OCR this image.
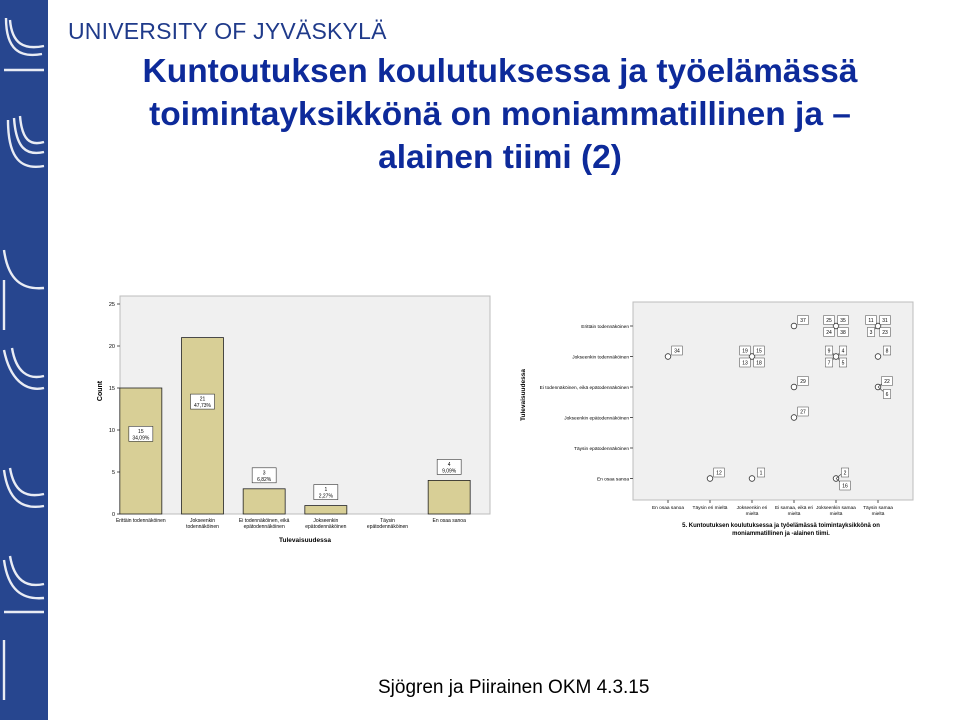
UNIVERSITY OF JYVÄSKYLÄ
Kuntoutuksen koulutuksessa ja työelämässä
toimintayksikkönä on moniammatillinen ja –
alainen tiimi (2)
0
5
10
15
20
25
Count
15
34,09%
Erittäin todennäköinen
21
47,73%
Jokseenkin
todennäköinen
3
6,82%
Ei todennäköinen, eikä
epätodennäköinen
1
2,27%
Jokseenkin
epätodennäköinen
Täysin
epätodennäköinen
4
9,09%
En osaa sanoa
Tulevaisuudessa
Erittäin todennäköinen
Jokseenkin todennäköinen
Ei todennäköinen, eikä epätodennäköinen
Jokseenkin epätodennäköinen
Täysin epätodennäköinen
En osaa sanoa
Tulevaisuudessa
En osaa sanoa Täysin eri mieltä Jokseenkin eri
mieltä
Ei samaa, eikä eri
mieltä
Jokseenkin samaa
mieltä
Täysin samaa
mieltä
5. Kuntoutuksen koulutuksessa ja työelämässä toimintayksikkönä on
moniammatillinen ja -alainen tiimi.
37	25 35
24 38
11 31
3 23
34	19 15
13 18
9 4
7 5
8
29	22
6
27
12	1	2
16
Sjögren ja Piirainen OKM 4.3.15
